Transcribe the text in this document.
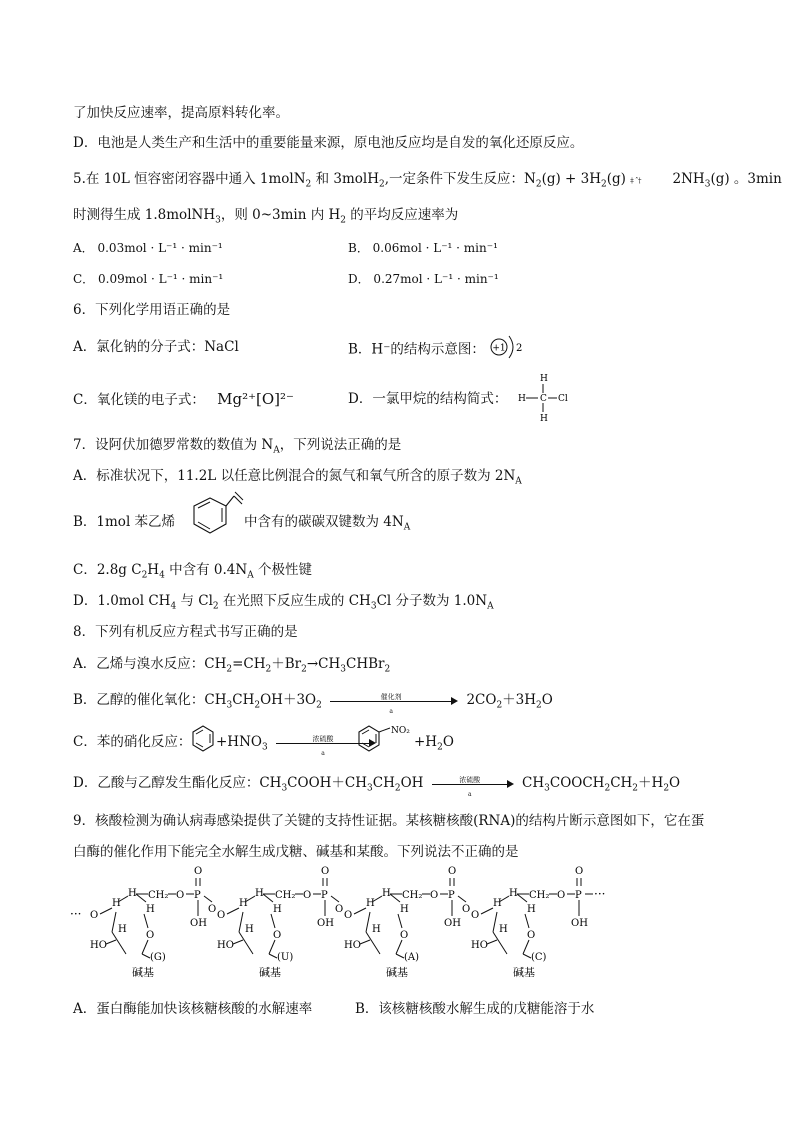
了加快反应速率，提高原料转化率。
D．电池是人类生产和生活中的重要能量来源，原电池反应均是自发的氧化还原反应。
5.在 10L 恒容密闭容器中通入 1molN$_2$ 和 3molH$_2$,一定条件下发生反应：$N_2(g) + 3H_2(g)$ ‡ ˆ† $2NH_3(g)$ 。3min
时测得生成 1.8molNH$_3$，则 0~3min 内 $H_2$ 的平均反应速率为
A． 0.03mol · L⁻¹ · min⁻¹	B． 0.06mol · L⁻¹ · min⁻¹
C． 0.09mol · L⁻¹ · min⁻¹	D． 0.27mol · L⁻¹ · min⁻¹
6．下列化学用语正确的是
A．氯化钠的分子式：NaCl	B．H⁻的结构示意图： +1 2
C．氧化镁的电子式： Mg²⁺[O]²⁻	D．一氯甲烷的结构简式：
H
H C Cl
H
7．设阿伏加德罗常数的数值为 $N_A$，下列说法正确的是
A．标准状况下，11.2L 以任意比例混合的氮气和氧气所含的原子数为 $2N_A$
B．1mol 苯乙烯	中含有的碳碳双键数为 $4N_A$
C．2.8g $C_2H_4$ 中含有 $0.4N_A$ 个极性键
D．1.0mol $CH_4$ 与 $Cl_2$ 在光照下反应生成的 $CH_3Cl$ 分子数为 $1.0N_A$
8．下列有机反应方程式书写正确的是
A．乙烯与溴水反应：$CH_2=CH_2+Br_2\to CH_3CHBr_2$
B．乙醇的催化氧化：$CH_3CH_2OH+3O_2$
催化剂
a
$2CO_2+3H_2O$
C．苯的硝化反应： $+HNO_3$
浓硫酸
a
NO₂
$+H_2O$
D．乙酸与乙醇发生酯化反应：$CH_3COOH+CH_3CH_2OH$	浓硫酸
a
$CH_3COOCH_2CH_2+H_2O$
9．核酸检测为确认病毒感染提供了关键的支持性证据。某核糖核酸(RNA)的结构片断示意图如下，它在蛋
白酶的催化作用下能完全水解生成戊糖、碱基和某酸。下列说法不正确的是
··· O
H
H
H
O
H
HO
(G)
碱基
CH₂ O P
O
OH
O
O
H
H
H
O
H
HO
(U)
碱基
CH₂ O P
O
OH
O
O
H
H
H
O
H
HO
(A)
碱基
CH₂ O P
O
OH
O
O
H
H
H
O
H
HO
(C)
碱基
CH₂ O P
O
OH
···
A．蛋白酶能加快该核糖核酸的水解速率	B．该核糖核酸水解生成的戊糖能溶于水
